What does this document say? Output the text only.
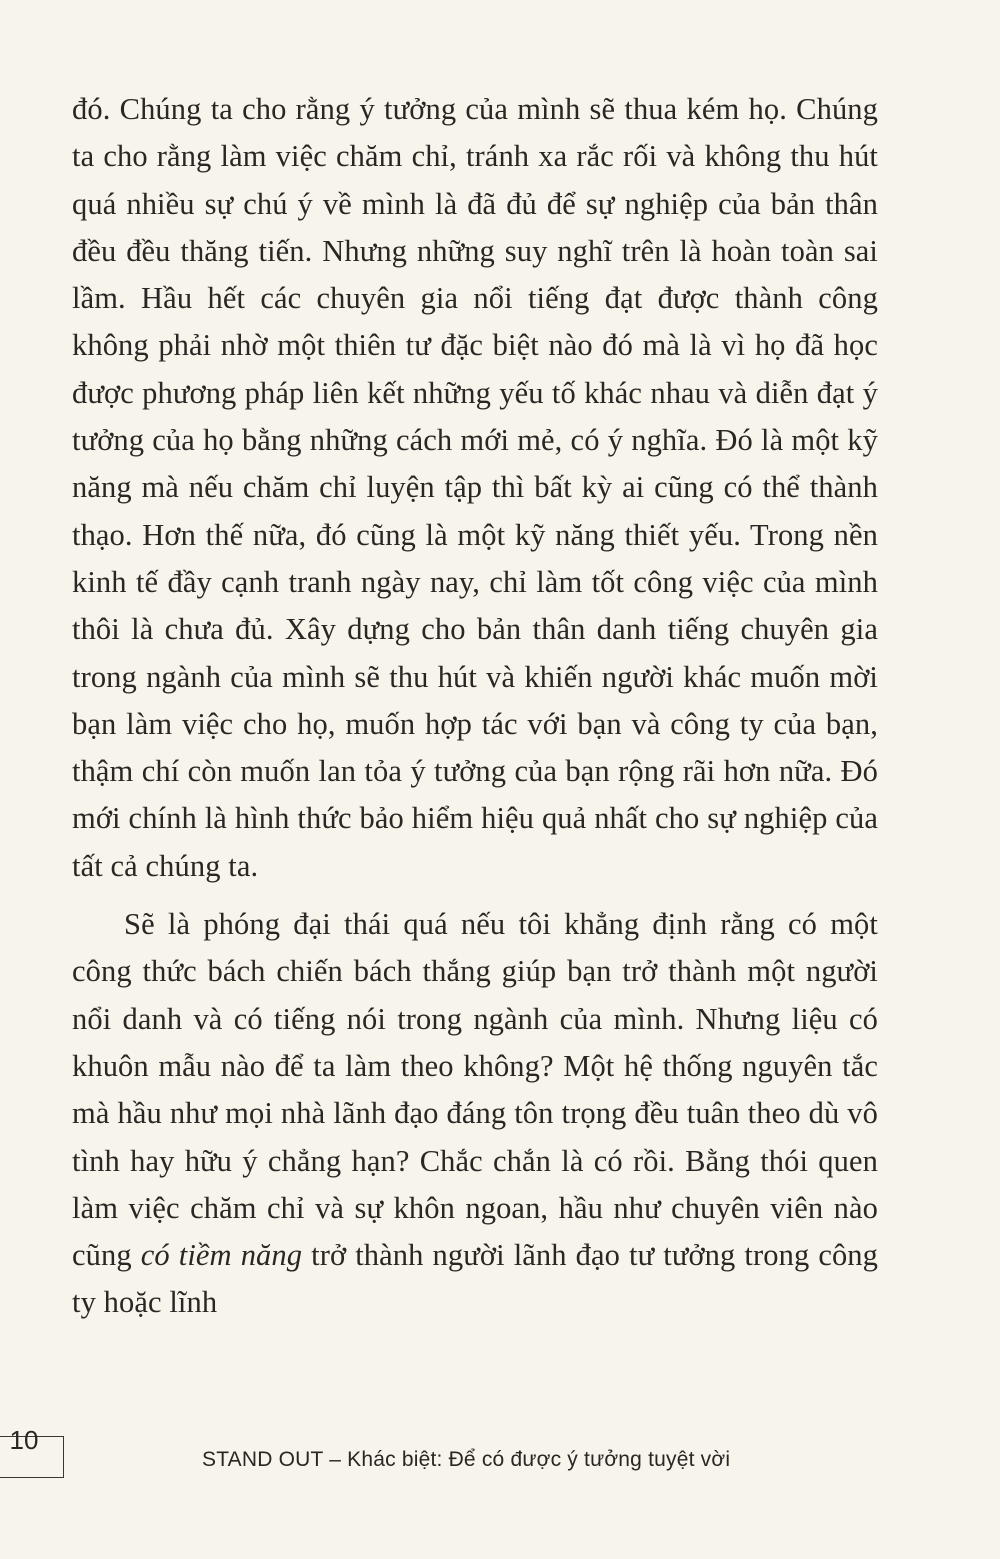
đó. Chúng ta cho rằng ý tưởng của mình sẽ thua kém họ. Chúng ta cho rằng làm việc chăm chỉ, tránh xa rắc rối và không thu hút quá nhiều sự chú ý về mình là đã đủ để sự nghiệp của bản thân đều đều thăng tiến. Nhưng những suy nghĩ trên là hoàn toàn sai lầm. Hầu hết các chuyên gia nổi tiếng đạt được thành công không phải nhờ một thiên tư đặc biệt nào đó mà là vì họ đã học được phương pháp liên kết những yếu tố khác nhau và diễn đạt ý tưởng của họ bằng những cách mới mẻ, có ý nghĩa. Đó là một kỹ năng mà nếu chăm chỉ luyện tập thì bất kỳ ai cũng có thể thành thạo. Hơn thế nữa, đó cũng là một kỹ năng thiết yếu. Trong nền kinh tế đầy cạnh tranh ngày nay, chỉ làm tốt công việc của mình thôi là chưa đủ. Xây dựng cho bản thân danh tiếng chuyên gia trong ngành của mình sẽ thu hút và khiến người khác muốn mời bạn làm việc cho họ, muốn hợp tác với bạn và công ty của bạn, thậm chí còn muốn lan tỏa ý tưởng của bạn rộng rãi hơn nữa. Đó mới chính là hình thức bảo hiểm hiệu quả nhất cho sự nghiệp của tất cả chúng ta.

Sẽ là phóng đại thái quá nếu tôi khẳng định rằng có một công thức bách chiến bách thắng giúp bạn trở thành một người nổi danh và có tiếng nói trong ngành của mình. Nhưng liệu có khuôn mẫu nào để ta làm theo không? Một hệ thống nguyên tắc mà hầu như mọi nhà lãnh đạo đáng tôn trọng đều tuân theo dù vô tình hay hữu ý chẳng hạn? Chắc chắn là có rồi. Bằng thói quen làm việc chăm chỉ và sự khôn ngoan, hầu như chuyên viên nào cũng có tiềm năng trở thành người lãnh đạo tư tưởng trong công ty hoặc lĩnh

10
STAND OUT – Khác biệt: Để có được ý tưởng tuyệt vời
